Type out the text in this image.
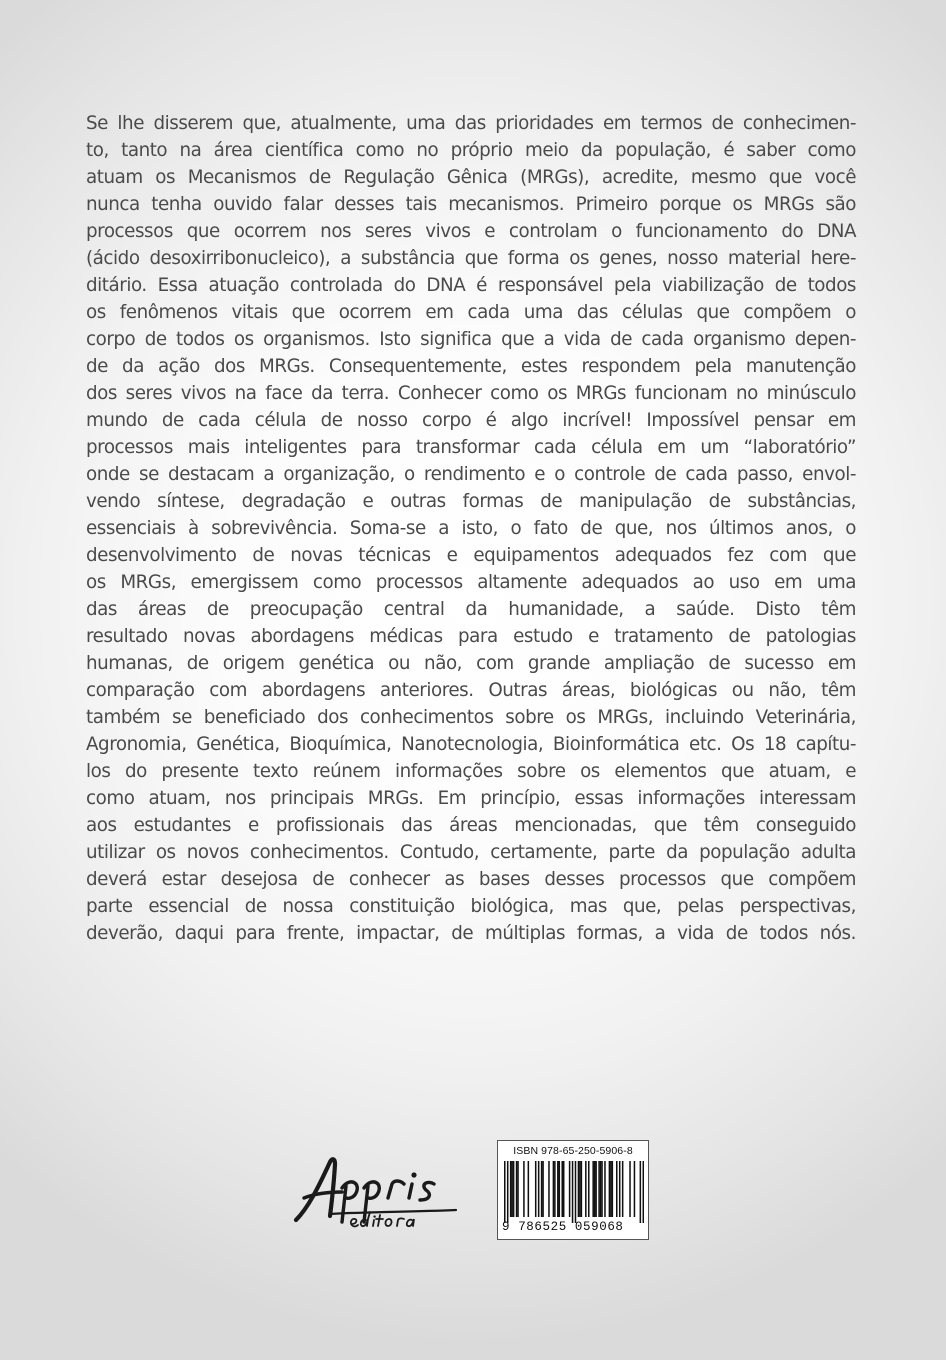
Se lhe disserem que, atualmente, uma das prioridades em termos de conhecimen-
to, tanto na área científica como no próprio meio da população, é saber como
atuam os Mecanismos de Regulação Gênica (MRGs), acredite, mesmo que você
nunca tenha ouvido falar desses tais mecanismos. Primeiro porque os MRGs são
processos que ocorrem nos seres vivos e controlam o funcionamento do DNA
(ácido desoxirribonucleico), a substância que forma os genes, nosso material here-
ditário. Essa atuação controlada do DNA é responsável pela viabilização de todos
os fenômenos vitais que ocorrem em cada uma das células que compõem o
corpo de todos os organismos. Isto significa que a vida de cada organismo depen-
de da ação dos MRGs. Consequentemente, estes respondem pela manutenção
dos seres vivos na face da terra. Conhecer como os MRGs funcionam no minúsculo
mundo de cada célula de nosso corpo é algo incrível! Impossível pensar em
processos mais inteligentes para transformar cada célula em um “laboratório”
onde se destacam a organização, o rendimento e o controle de cada passo, envol-
vendo síntese, degradação e outras formas de manipulação de substâncias,
essenciais à sobrevivência. Soma-se a isto, o fato de que, nos últimos anos, o
desenvolvimento de novas técnicas e equipamentos adequados fez com que
os MRGs, emergissem como processos altamente adequados ao uso em uma
das áreas de preocupação central da humanidade, a saúde. Disto têm
resultado novas abordagens médicas para estudo e tratamento de patologias
humanas, de origem genética ou não, com grande ampliação de sucesso em
comparação com abordagens anteriores. Outras áreas, biológicas ou não, têm
também se beneficiado dos conhecimentos sobre os MRGs, incluindo Veterinária,
Agronomia, Genética, Bioquímica, Nanotecnologia, Bioinformática etc. Os 18 capítu-
los do presente texto reúnem informações sobre os elementos que atuam, e
como atuam, nos principais MRGs. Em princípio, essas informações interessam
aos estudantes e profissionais das áreas mencionadas, que têm conseguido
utilizar os novos conhecimentos. Contudo, certamente, parte da população adulta
deverá estar desejosa de conhecer as bases desses processos que compõem
parte essencial de nossa constituição biológica, mas que, pelas perspectivas,
deverão, daqui para frente, impactar, de múltiplas formas, a vida de todos nós.
ISBN 978-65-250-5906-8
9 786525 059068
